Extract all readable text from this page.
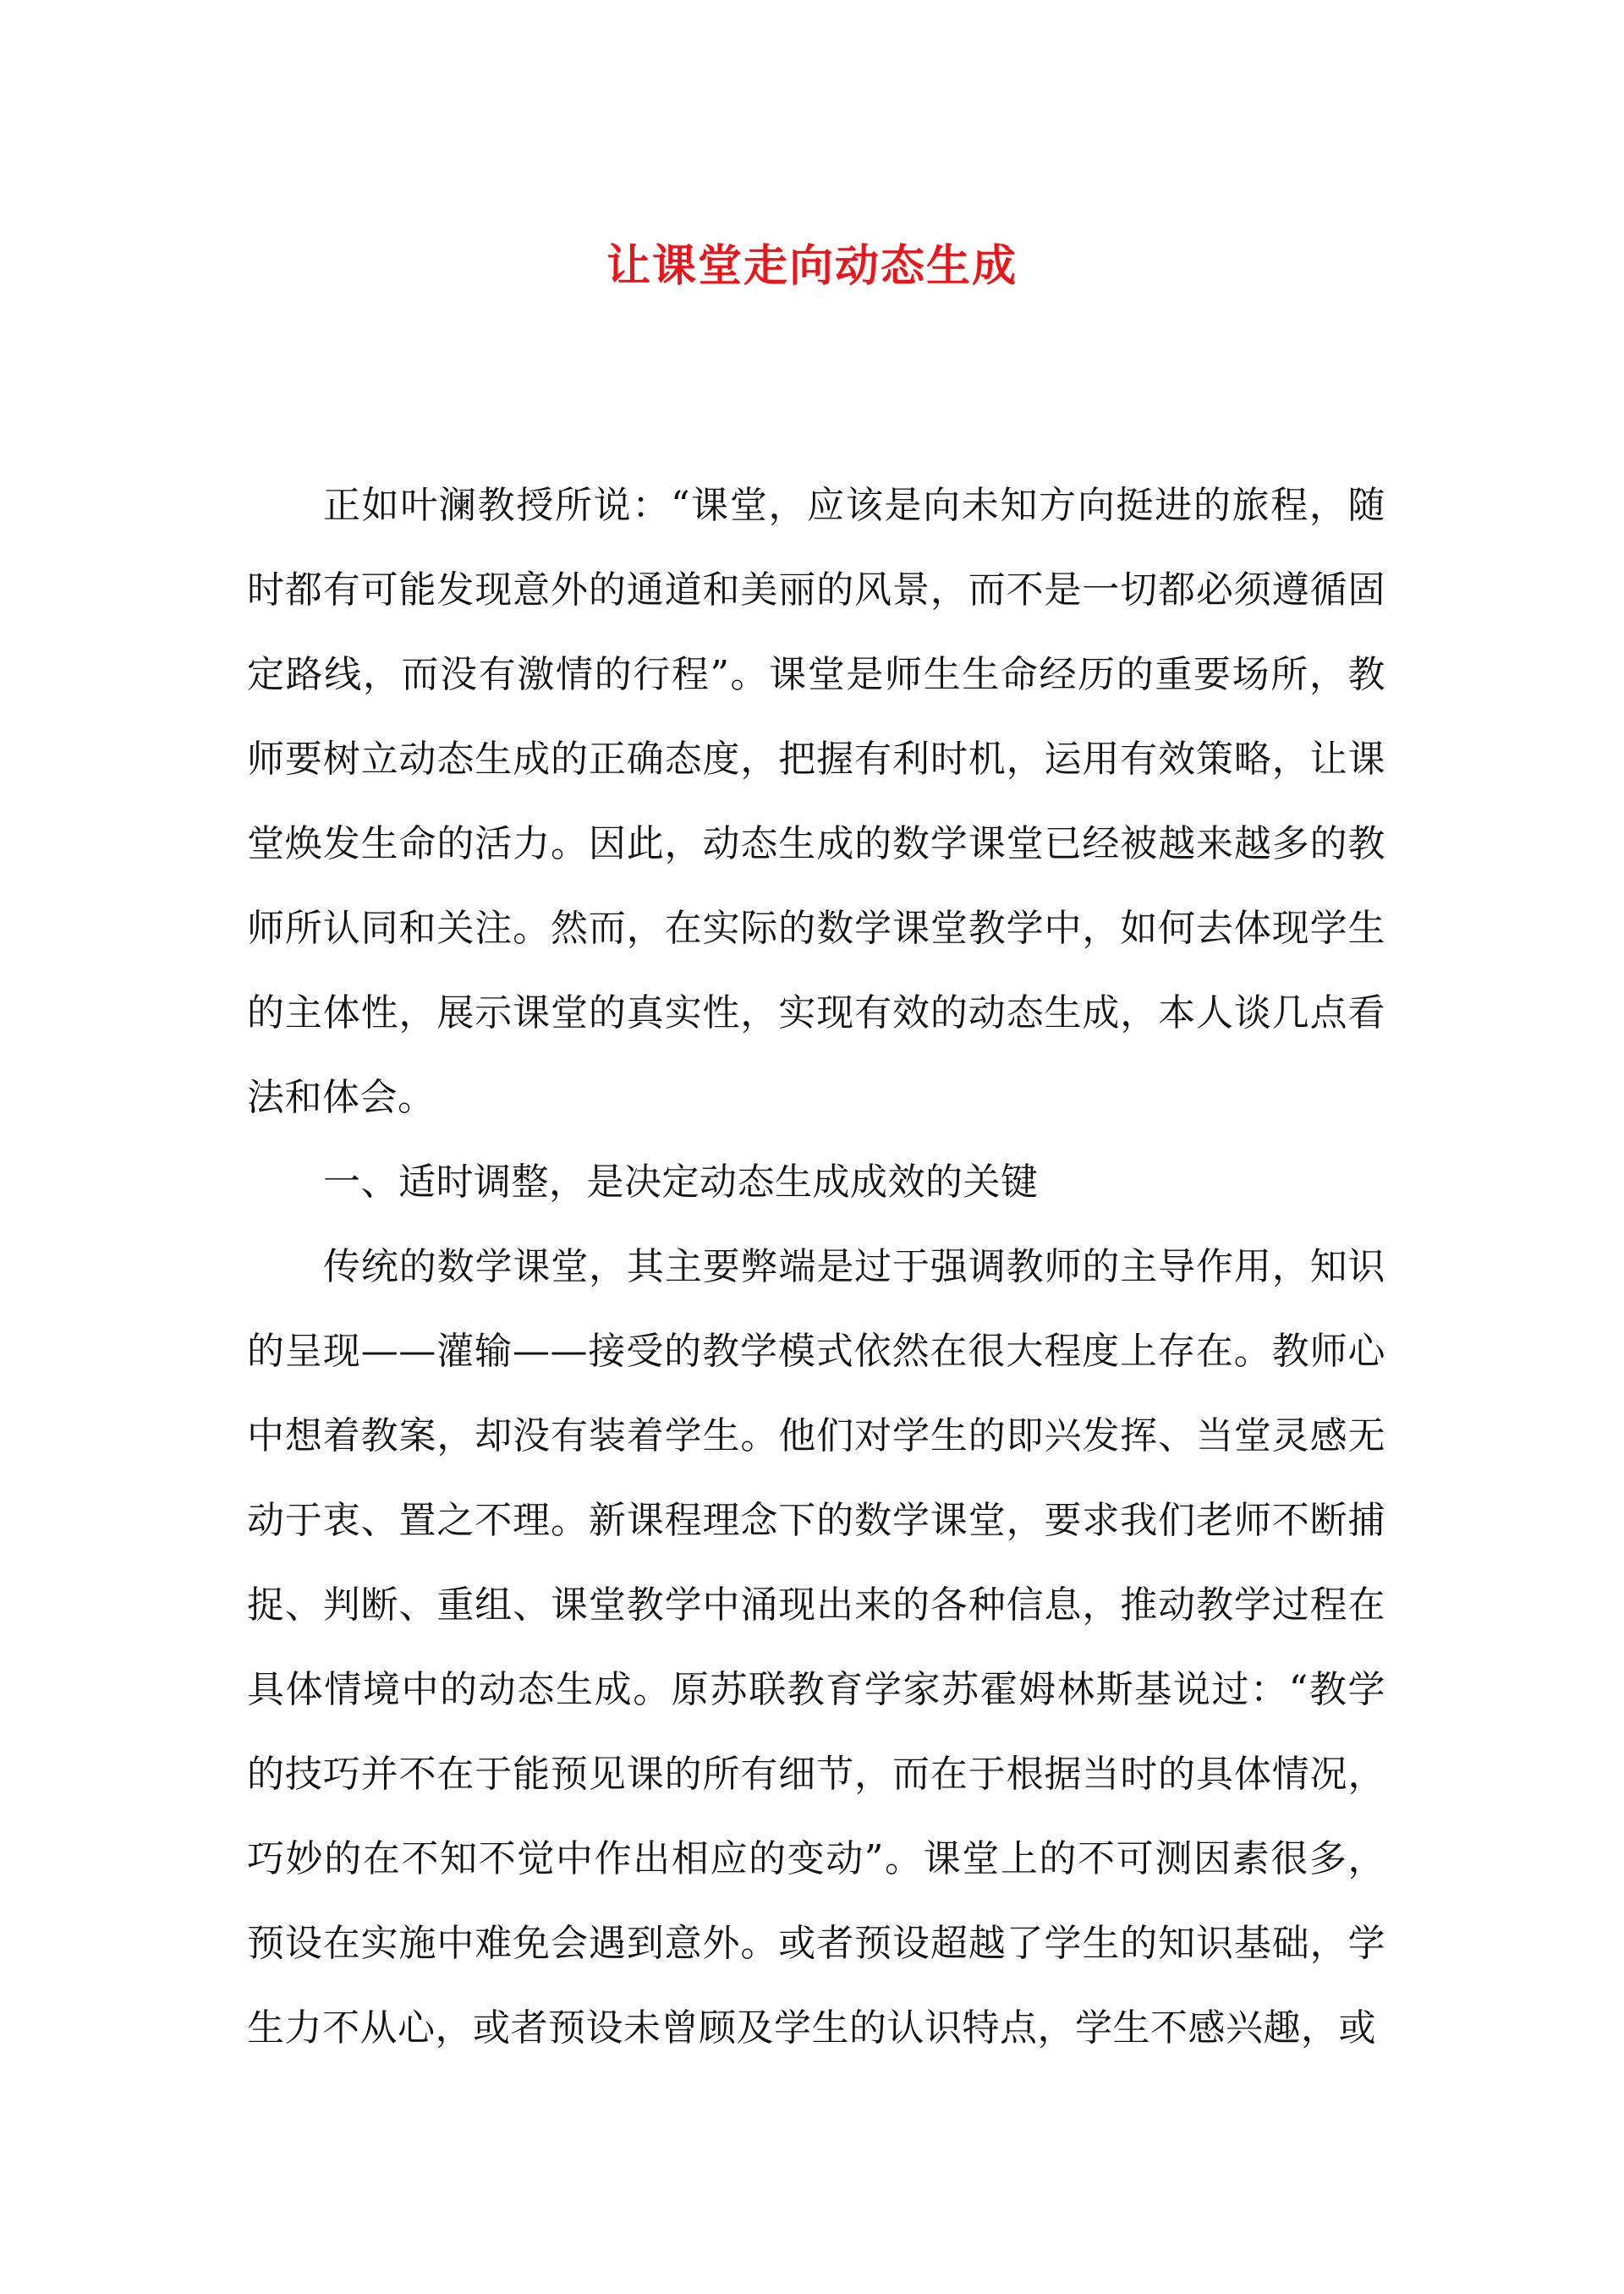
让课堂走向动态生成

正如叶澜教授所说：“课堂，应该是向未知方向挺进的旅程，随时都有可能发现意外的通道和美丽的风景，而不是一切都必须遵循固定路线，而没有激情的行程”。课堂是师生生命经历的重要场所，教师要树立动态生成的正确态度，把握有利时机，运用有效策略，让课堂焕发生命的活力。因此，动态生成的数学课堂已经被越来越多的教师所认同和关注。然而，在实际的数学课堂教学中，如何去体现学生的主体性，展示课堂的真实性，实现有效的动态生成，本人谈几点看法和体会。

一、适时调整，是决定动态生成成效的关键

传统的数学课堂，其主要弊端是过于强调教师的主导作用，知识的呈现——灌输——接受的教学模式依然在很大程度上存在。教师心中想着教案，却没有装着学生。他们对学生的即兴发挥、当堂灵感无动于衷、置之不理。新课程理念下的数学课堂，要求我们老师不断捕捉、判断、重组、课堂教学中涌现出来的各种信息，推动教学过程在具体情境中的动态生成。原苏联教育学家苏霍姆林斯基说过：“教学的技巧并不在于能预见课的所有细节，而在于根据当时的具体情况，巧妙的在不知不觉中作出相应的变动”。课堂上的不可测因素很多，预设在实施中难免会遇到意外。或者预设超越了学生的知识基础，学生力不从心，或者预设未曾顾及学生的认识特点，学生不感兴趣，或
